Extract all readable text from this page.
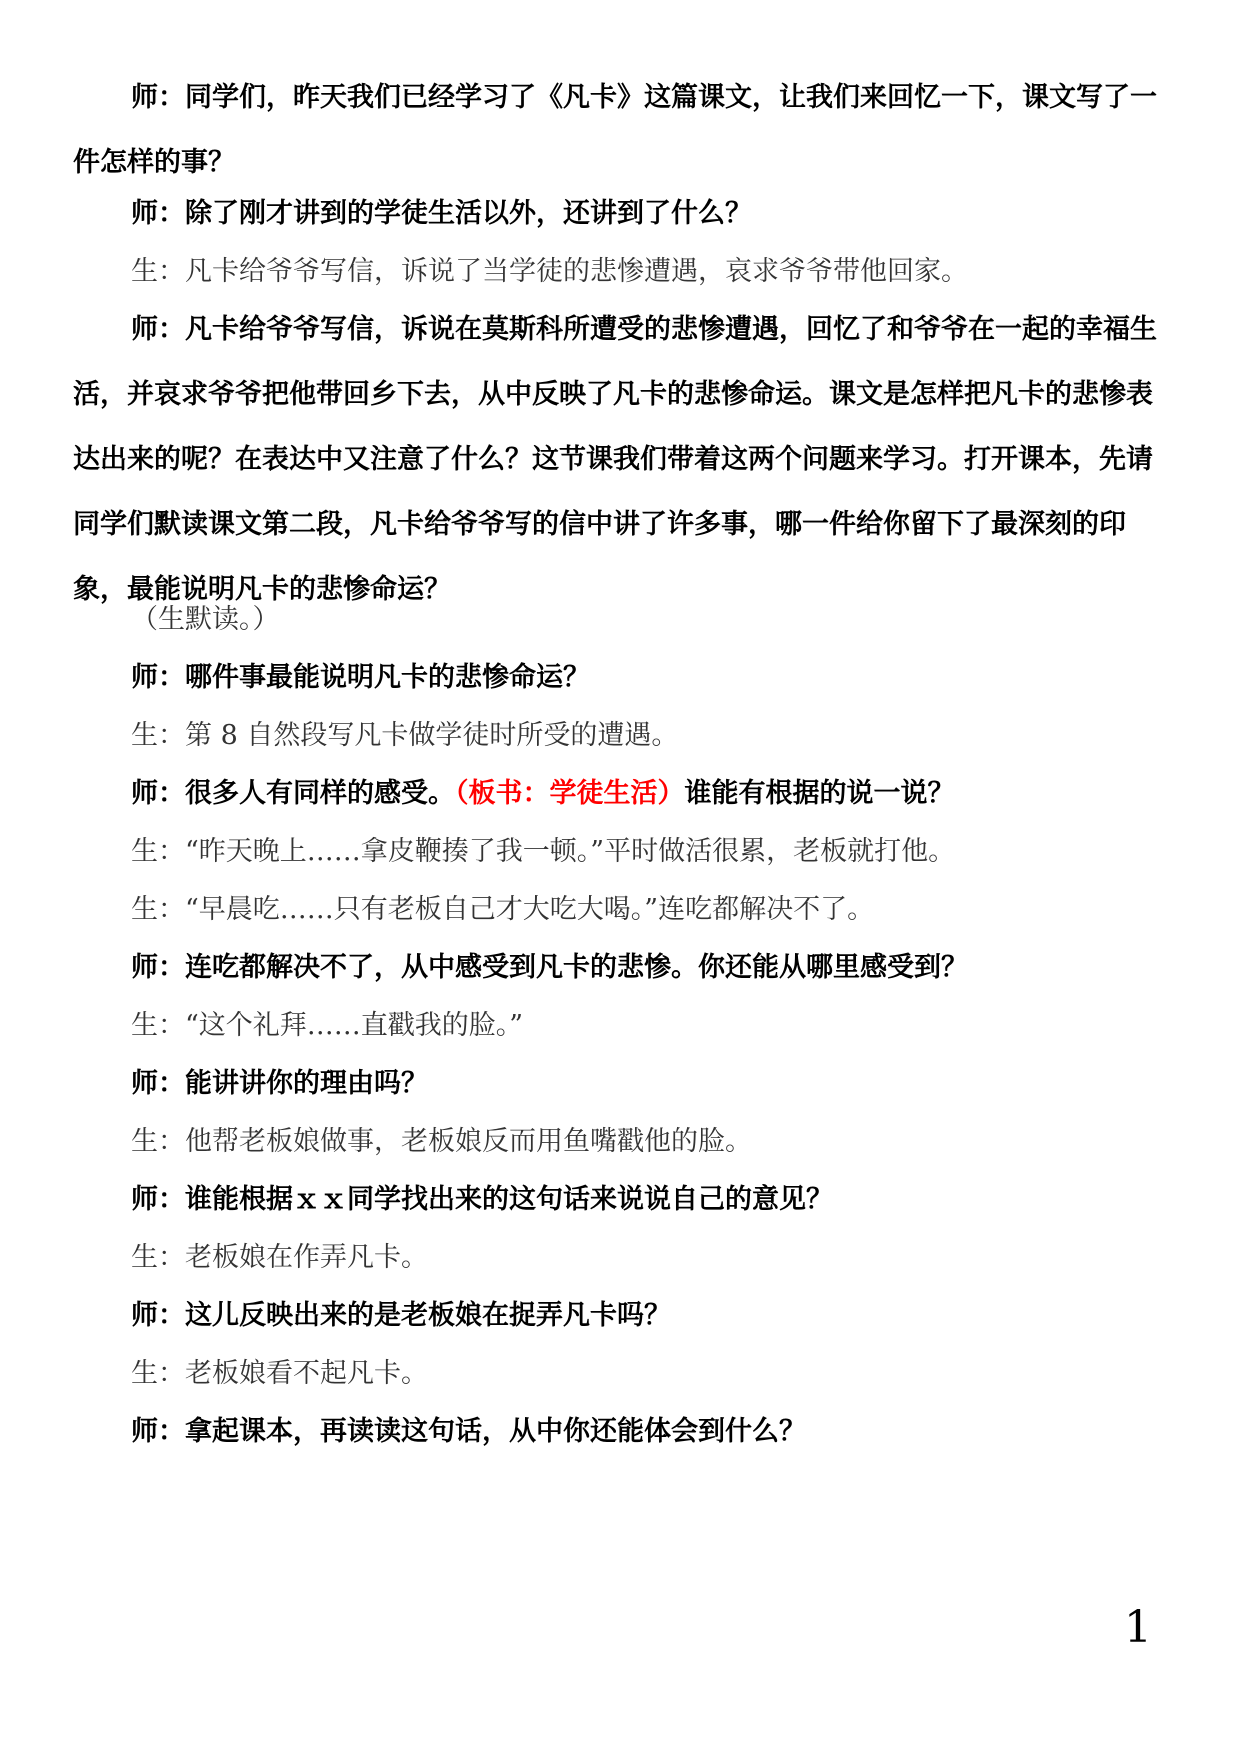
师：同学们，昨天我们已经学习了《凡卡》这篇课文，让我们来回忆一下，课文写了一件怎样的事？

师：除了刚才讲到的学徒生活以外，还讲到了什么？

生：凡卡给爷爷写信，诉说了当学徒的悲惨遭遇，哀求爷爷带他回家。

师：凡卡给爷爷写信，诉说在莫斯科所遭受的悲惨遭遇，回忆了和爷爷在一起的幸福生活，并哀求爷爷把他带回乡下去，从中反映了凡卡的悲惨命运。课文是怎样把凡卡的悲惨表达出来的呢？在表达中又注意了什么？这节课我们带着这两个问题来学习。打开课本，先请同学们默读课文第二段，凡卡给爷爷写的信中讲了许多事，哪一件给你留下了最深刻的印象，最能说明凡卡的悲惨命运？

（生默读。）

师：哪件事最能说明凡卡的悲惨命运？

生：第 8 自然段写凡卡做学徒时所受的遭遇。

师：很多人有同样的感受。（板书：学徒生活）谁能有根据的说一说？

生：“昨天晚上……拿皮鞭揍了我一顿。”平时做活很累，老板就打他。

生：“早晨吃……只有老板自己才大吃大喝。”连吃都解决不了。

师：连吃都解决不了，从中感受到凡卡的悲惨。你还能从哪里感受到？

生：“这个礼拜……直戳我的脸。”

师：能讲讲你的理由吗？

生：他帮老板娘做事，老板娘反而用鱼嘴戳他的脸。

师：谁能根据ｘｘ同学找出来的这句话来说说自己的意见？

生：老板娘在作弄凡卡。

师：这儿反映出来的是老板娘在捉弄凡卡吗？

生：老板娘看不起凡卡。

师：拿起课本，再读读这句话，从中你还能体会到什么？

1
